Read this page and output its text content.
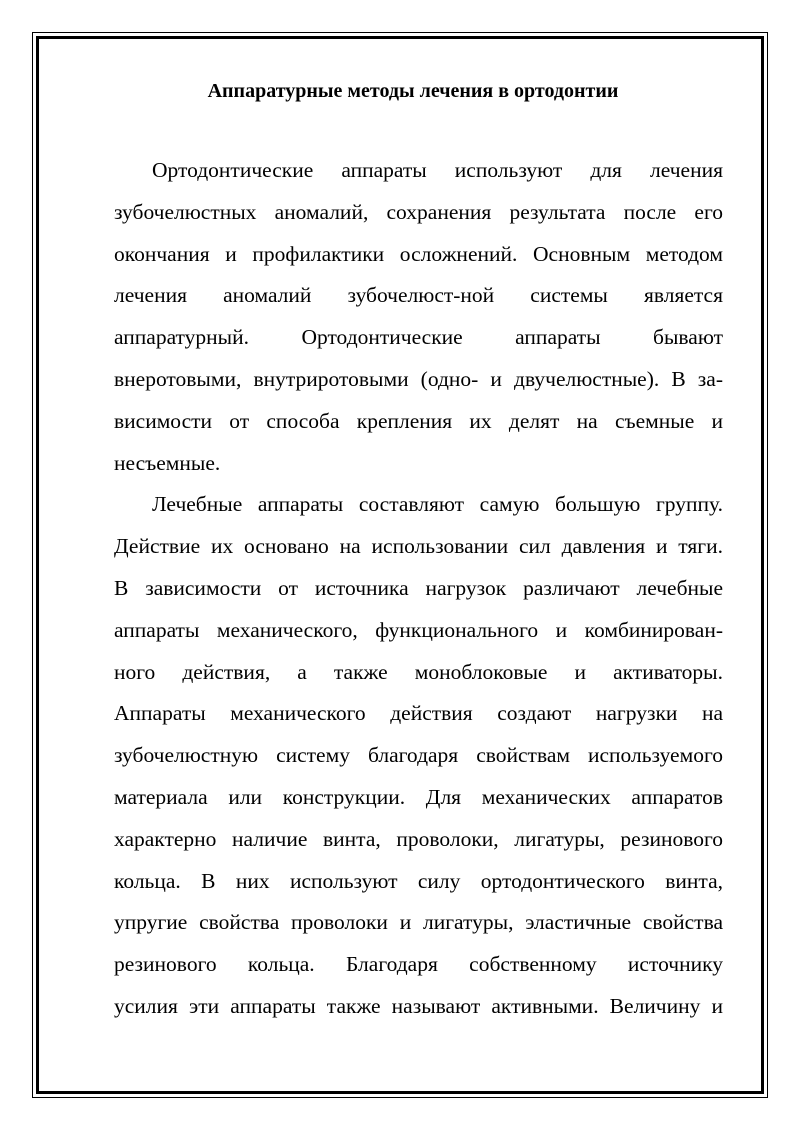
Аппаратурные методы лечения в ортодонтии
Ортодонтические аппараты используют для лечения
зубочелюстных аномалий, сохранения результата после его
окончания и профилактики осложнений. Основным методом
лечения аномалий зубочелюст-ной системы является
аппаратурный. Ортодонтические аппараты бывают
внеротовыми, внутриротовыми (одно- и двучелюстные). В за-
висимости от способа крепления их делят на съемные и
несъемные.
Лечебные аппараты составляют самую большую группу.
Действие их основано на использовании сил давления и тяги.
В зависимости от источника нагрузок различают лечебные
аппараты механического, функционального и комбинирован-
ного действия, а также моноблоковые и активаторы.
Аппараты механического действия создают нагрузки на
зубочелюстную систему благодаря свойствам используемого
материала или конструкции. Для механических аппаратов
характерно наличие винта, проволоки, лигатуры, резинового
кольца. В них используют силу ортодонтического винта,
упругие свойства проволоки и лигатуры, эластичные свойства
резинового кольца. Благодаря собственному источнику
усилия эти аппараты также называют активными. Величину и
